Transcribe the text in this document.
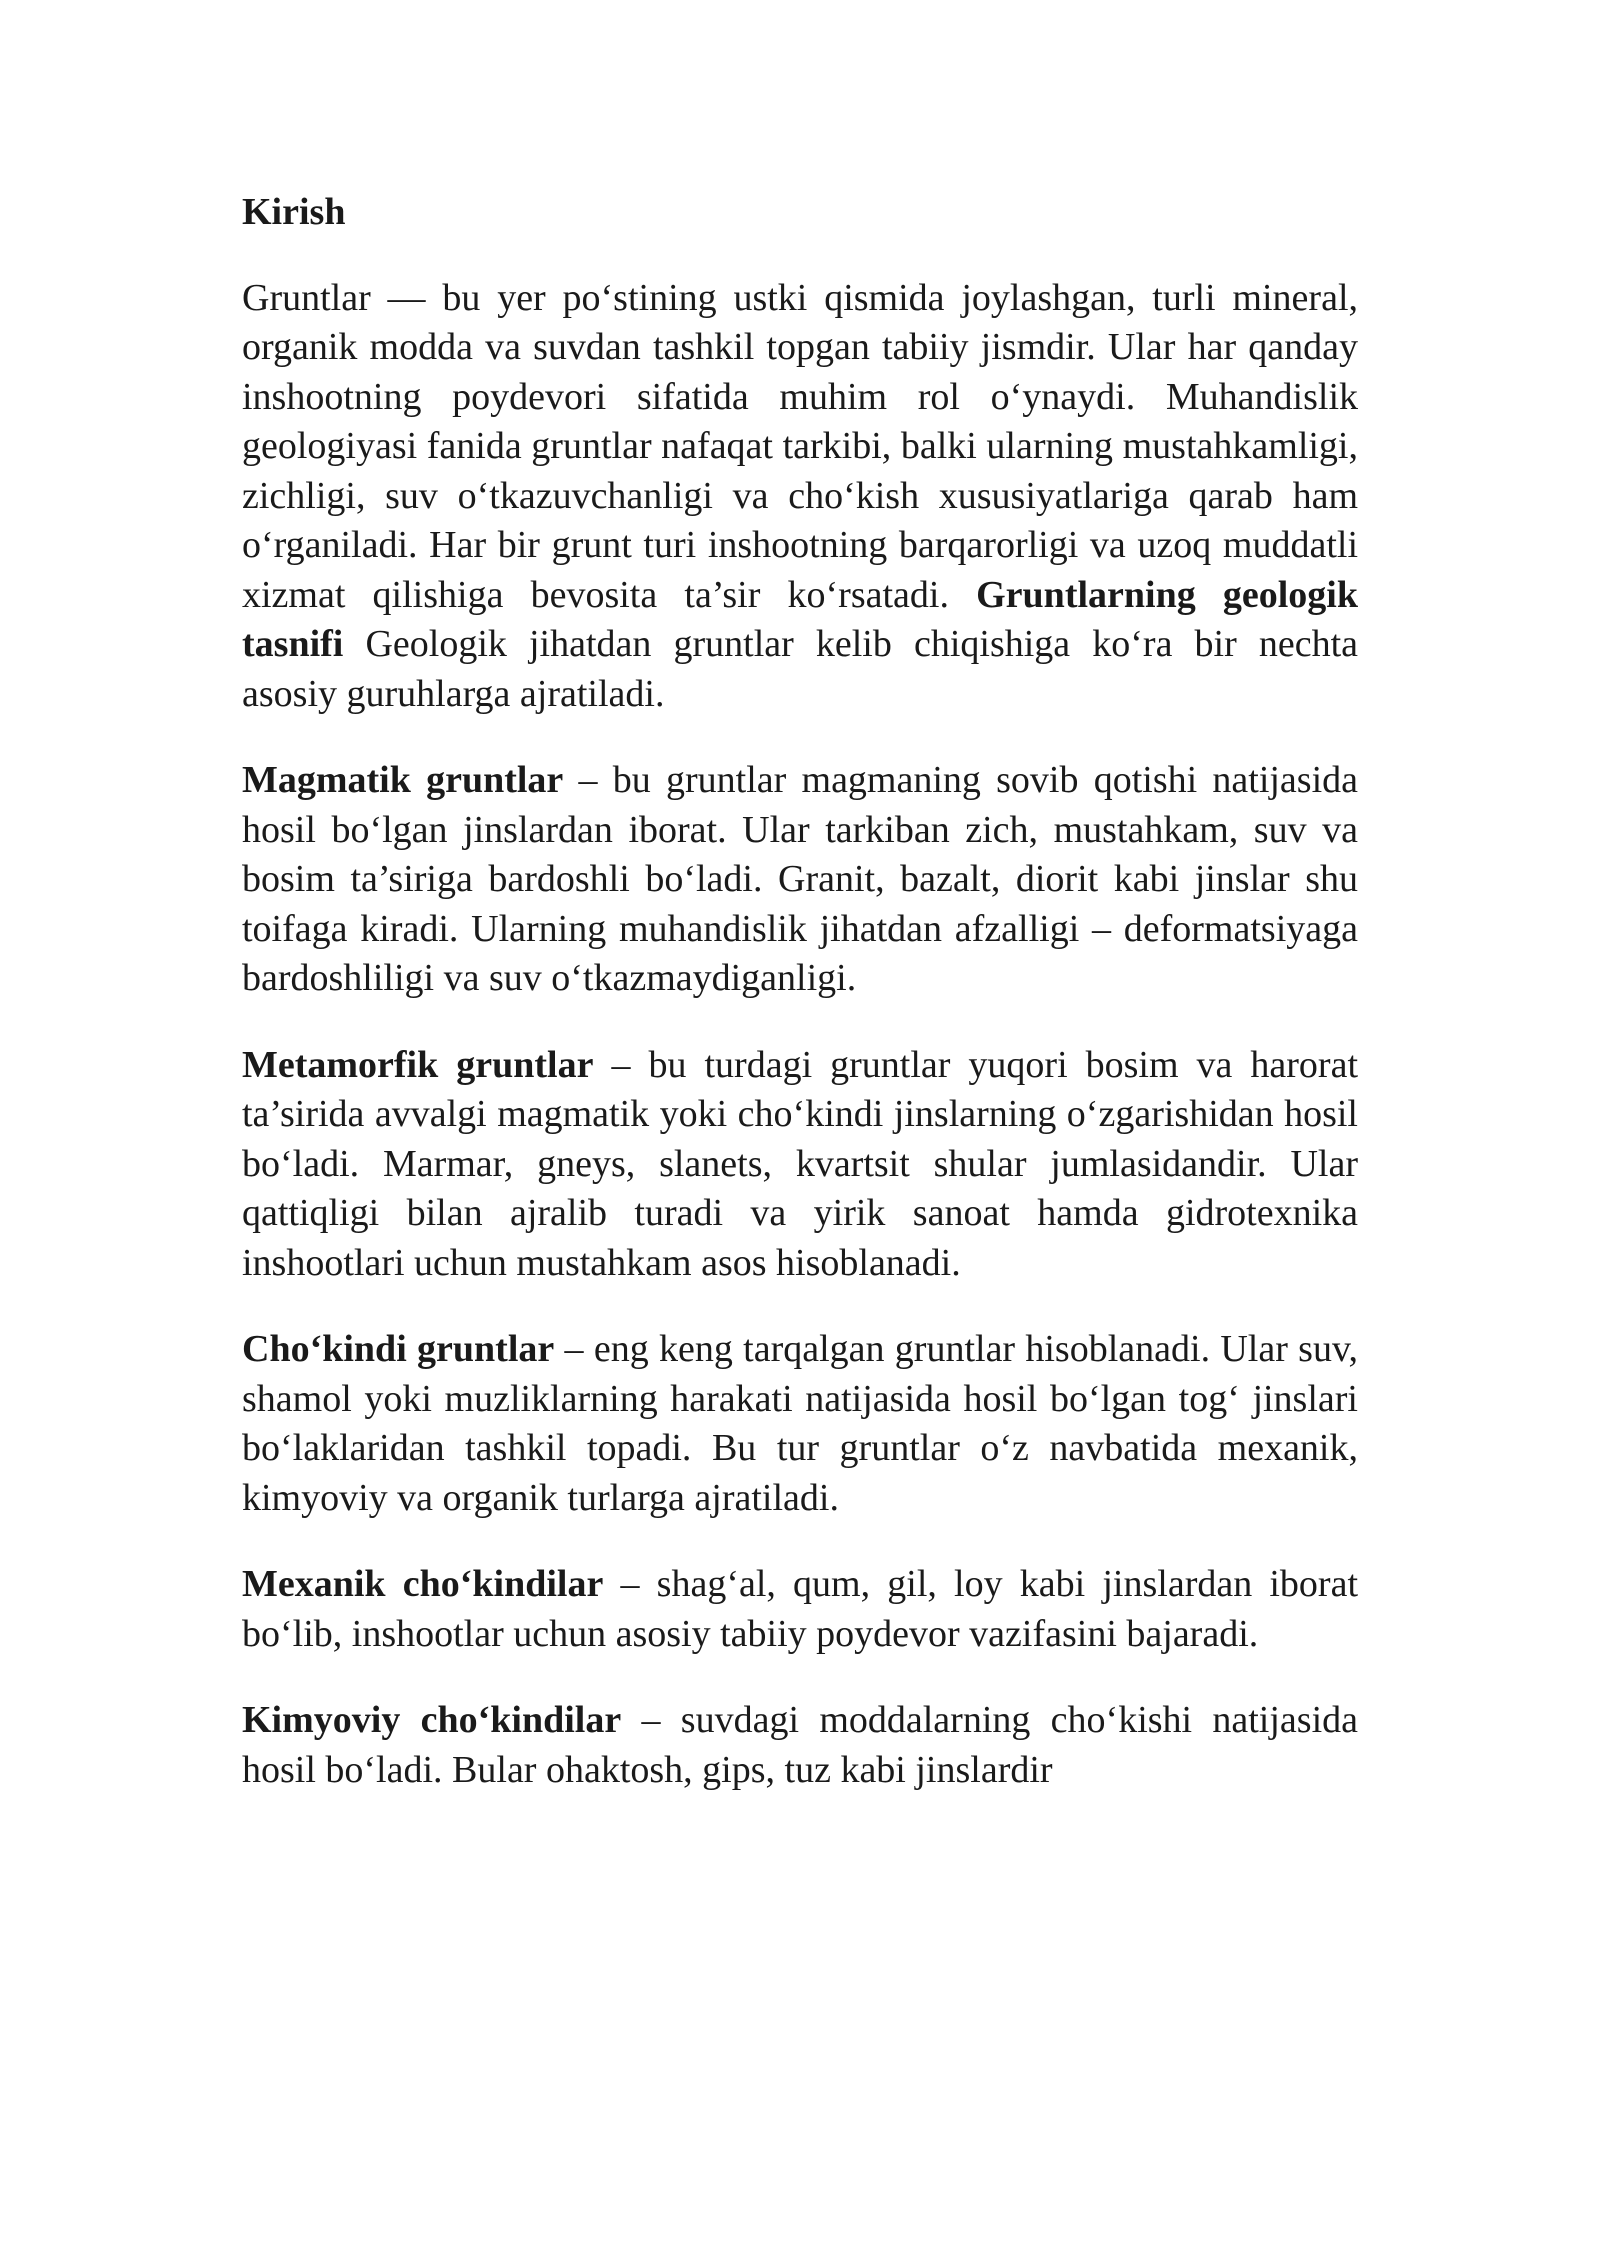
Kirish

Gruntlar — bu yer po‘stining ustki qismida joylashgan, turli mineral, organik modda va suvdan tashkil topgan tabiiy jismdir. Ular har qanday inshootning poydevori sifatida muhim rol o‘ynaydi. Muhandislik geologiyasi fanida gruntlar nafaqat tarkibi, balki ularning mustahkamligi, zichligi, suv o‘tkazuvchanligi va cho‘kish xususiyatlariga qarab ham o‘rganiladi. Har bir grunt turi inshootning barqarorligi va uzoq muddatli xizmat qilishiga bevosita ta’sir ko‘rsatadi. Gruntlarning geologik tasnifi Geologik jihatdan gruntlar kelib chiqishiga ko‘ra bir nechta asosiy guruhlarga ajratiladi.

Magmatik gruntlar – bu gruntlar magmaning sovib qotishi natijasida hosil bo‘lgan jinslardan iborat. Ular tarkiban zich, mustahkam, suv va bosim ta’siriga bardoshli bo‘ladi. Granit, bazalt, diorit kabi jinslar shu toifaga kiradi. Ularning muhandislik jihatdan afzalligi – deformatsiyaga bardoshliligi va suv o‘tkazmaydiganligi.

Metamorfik gruntlar – bu turdagi gruntlar yuqori bosim va harorat ta’sirida avvalgi magmatik yoki cho‘kindi jinslarning o‘zgarishidan hosil bo‘ladi. Marmar, gneys, slanets, kvartsit shular jumlasidandir. Ular qattiqligi bilan ajralib turadi va yirik sanoat hamda gidrotexnika inshootlari uchun mustahkam asos hisoblanadi.

Cho‘kindi gruntlar – eng keng tarqalgan gruntlar hisoblanadi. Ular suv, shamol yoki muzliklarning harakati natijasida hosil bo‘lgan tog‘ jinslari bo‘laklaridan tashkil topadi. Bu tur gruntlar o‘z navbatida mexanik, kimyoviy va organik turlarga ajratiladi.

Mexanik cho‘kindilar – shag‘al, qum, gil, loy kabi jinslardan iborat bo‘lib, inshootlar uchun asosiy tabiiy poydevor vazifasini bajaradi.

Kimyoviy cho‘kindilar – suvdagi moddalarning cho‘kishi natijasida hosil bo‘ladi. Bular ohaktosh, gips, tuz kabi jinslardir
